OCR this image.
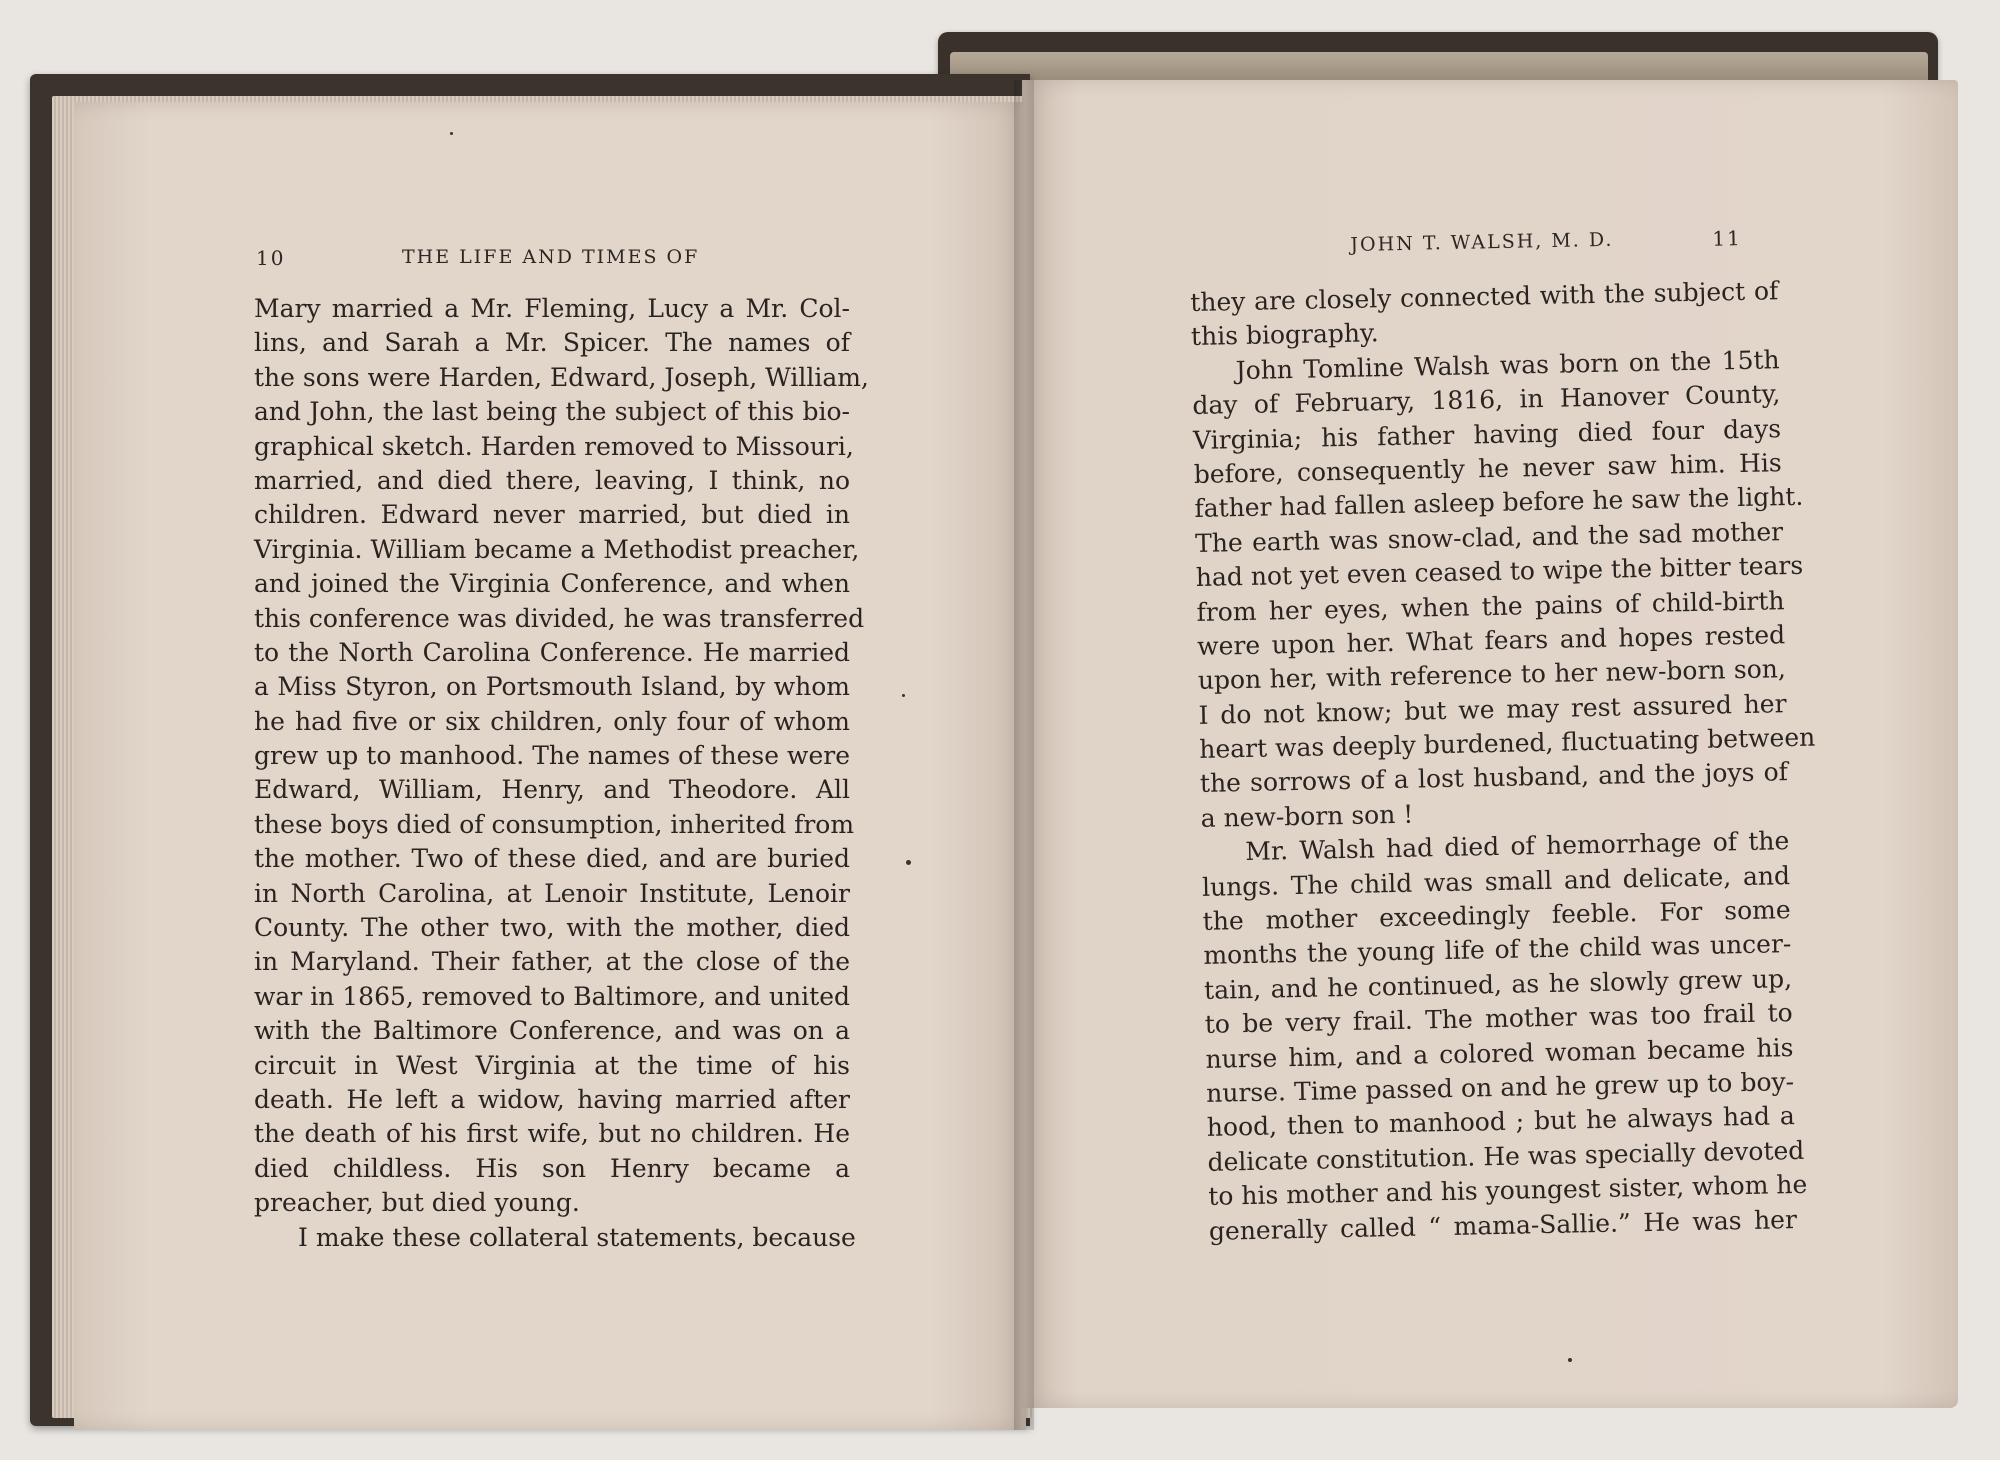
10	THE LIFE AND TIMES OF
Mary married a Mr. Fleming, Lucy a Mr. Col-
lins, and Sarah a Mr. Spicer. The names of
the sons were Harden, Edward, Joseph, William,
and John, the last being the subject of this bio-
graphical sketch. Harden removed to Missouri,
married, and died there, leaving, I think, no
children. Edward never married, but died in
Virginia. William became a Methodist preacher,
and joined the Virginia Conference, and when
this conference was divided, he was transferred
to the North Carolina Conference. He married
a Miss Styron, on Portsmouth Island, by whom
he had five or six children, only four of whom
grew up to manhood. The names of these were
Edward, William, Henry, and Theodore. All
these boys died of consumption, inherited from
the mother. Two of these died, and are buried
in North Carolina, at Lenoir Institute, Lenoir
County. The other two, with the mother, died
in Maryland. Their father, at the close of the
war in 1865, removed to Baltimore, and united
with the Baltimore Conference, and was on a
circuit in West Virginia at the time of his
death. He left a widow, having married after
the death of his first wife, but no children. He
died childless. His son Henry became a
preacher, but died young.
I make these collateral statements, because
JOHN T. WALSH, M. D.	11
they are closely connected with the subject of
this biography.
John Tomline Walsh was born on the 15th
day of February, 1816, in Hanover County,
Virginia; his father having died four days
before, consequently he never saw him. His
father had fallen asleep before he saw the light.
The earth was snow-clad, and the sad mother
had not yet even ceased to wipe the bitter tears
from her eyes, when the pains of child-birth
were upon her. What fears and hopes rested
upon her, with reference to her new-born son,
I do not know; but we may rest assured her
heart was deeply burdened, fluctuating between
the sorrows of a lost husband, and the joys of
a new-born son !
Mr. Walsh had died of hemorrhage of the
lungs. The child was small and delicate, and
the mother exceedingly feeble. For some
months the young life of the child was uncer-
tain, and he continued, as he slowly grew up,
to be very frail. The mother was too frail to
nurse him, and a colored woman became his
nurse. Time passed on and he grew up to boy-
hood, then to manhood ; but he always had a
delicate constitution. He was specially devoted
to his mother and his youngest sister, whom he
generally called “ mama-Sallie.” He was her
